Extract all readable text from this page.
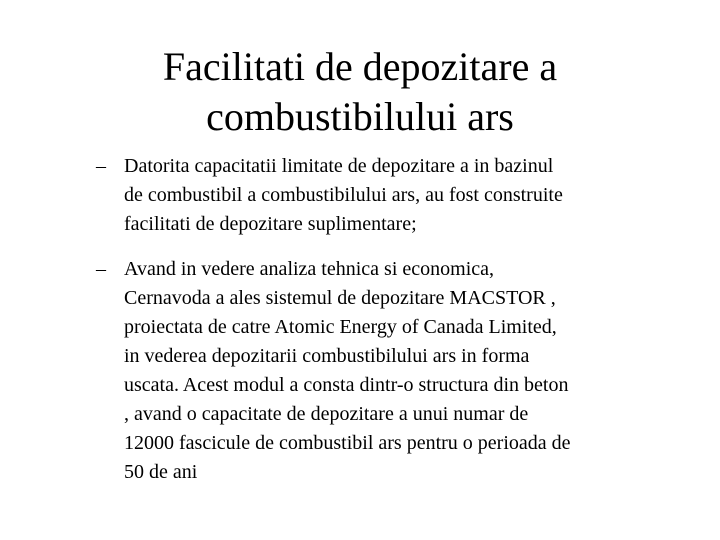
Facilitati de depozitare a
combustibilului ars
– Datorita capacitatii limitate de depozitare a in bazinul
de combustibil a combustibilului ars, au fost construite
facilitati de depozitare suplimentare;
– Avand in vedere analiza tehnica si economica,
Cernavoda a ales sistemul de depozitare MACSTOR ,
proiectata de catre Atomic Energy of Canada Limited,
in vederea depozitarii combustibilului ars in forma
uscata. Acest modul a consta dintr-o structura din beton
, avand o capacitate de depozitare a unui numar de
12000 fascicule de combustibil ars pentru o perioada de
50 de ani
